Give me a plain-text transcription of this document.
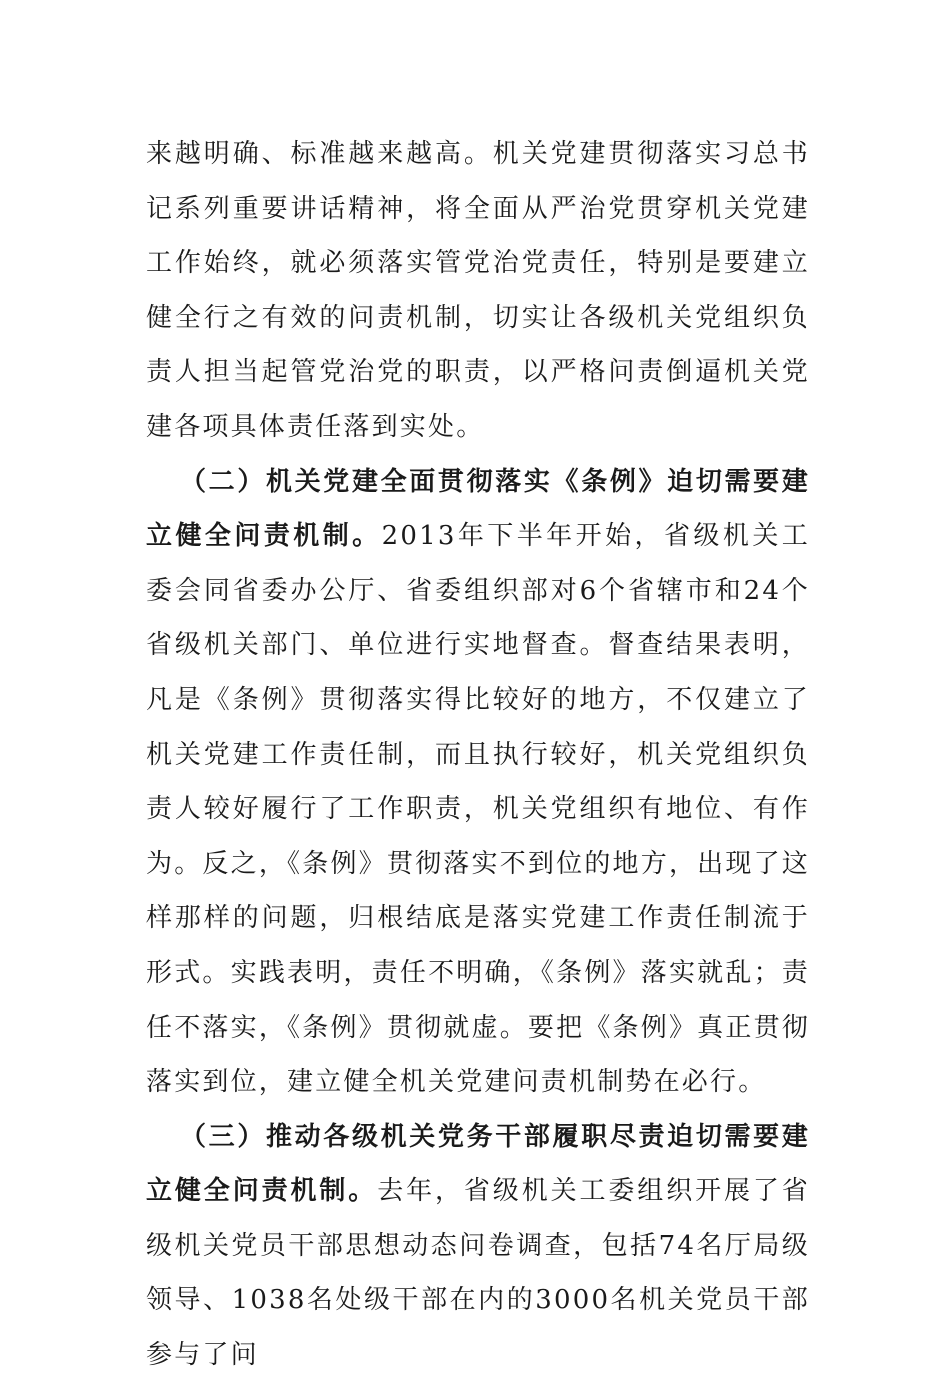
来越明确、标准越来越高。机关党建贯彻落实习总书记系列重要讲话精神，将全面从严治党贯穿机关党建工作始终，就必须落实管党治党责任，特别是要建立健全行之有效的问责机制，切实让各级机关党组织负责人担当起管党治党的职责，以严格问责倒逼机关党建各项具体责任落到实处。

（二）机关党建全面贯彻落实《条例》迫切需要建立健全问责机制。2013年下半年开始，省级机关工委会同省委办公厅、省委组织部对6个省辖市和24个省级机关部门、单位进行实地督查。督查结果表明，凡是《条例》贯彻落实得比较好的地方，不仅建立了机关党建工作责任制，而且执行较好，机关党组织负责人较好履行了工作职责，机关党组织有地位、有作为。反之，《条例》贯彻落实不到位的地方，出现了这样那样的问题，归根结底是落实党建工作责任制流于形式。实践表明，责任不明确，《条例》落实就乱；责任不落实，《条例》贯彻就虚。要把《条例》真正贯彻落实到位，建立健全机关党建问责机制势在必行。

（三）推动各级机关党务干部履职尽责迫切需要建立健全问责机制。去年，省级机关工委组织开展了省级机关党员干部思想动态问卷调查，包括74名厅局级领导、1038名处级干部在内的3000名机关党员干部参与了问
